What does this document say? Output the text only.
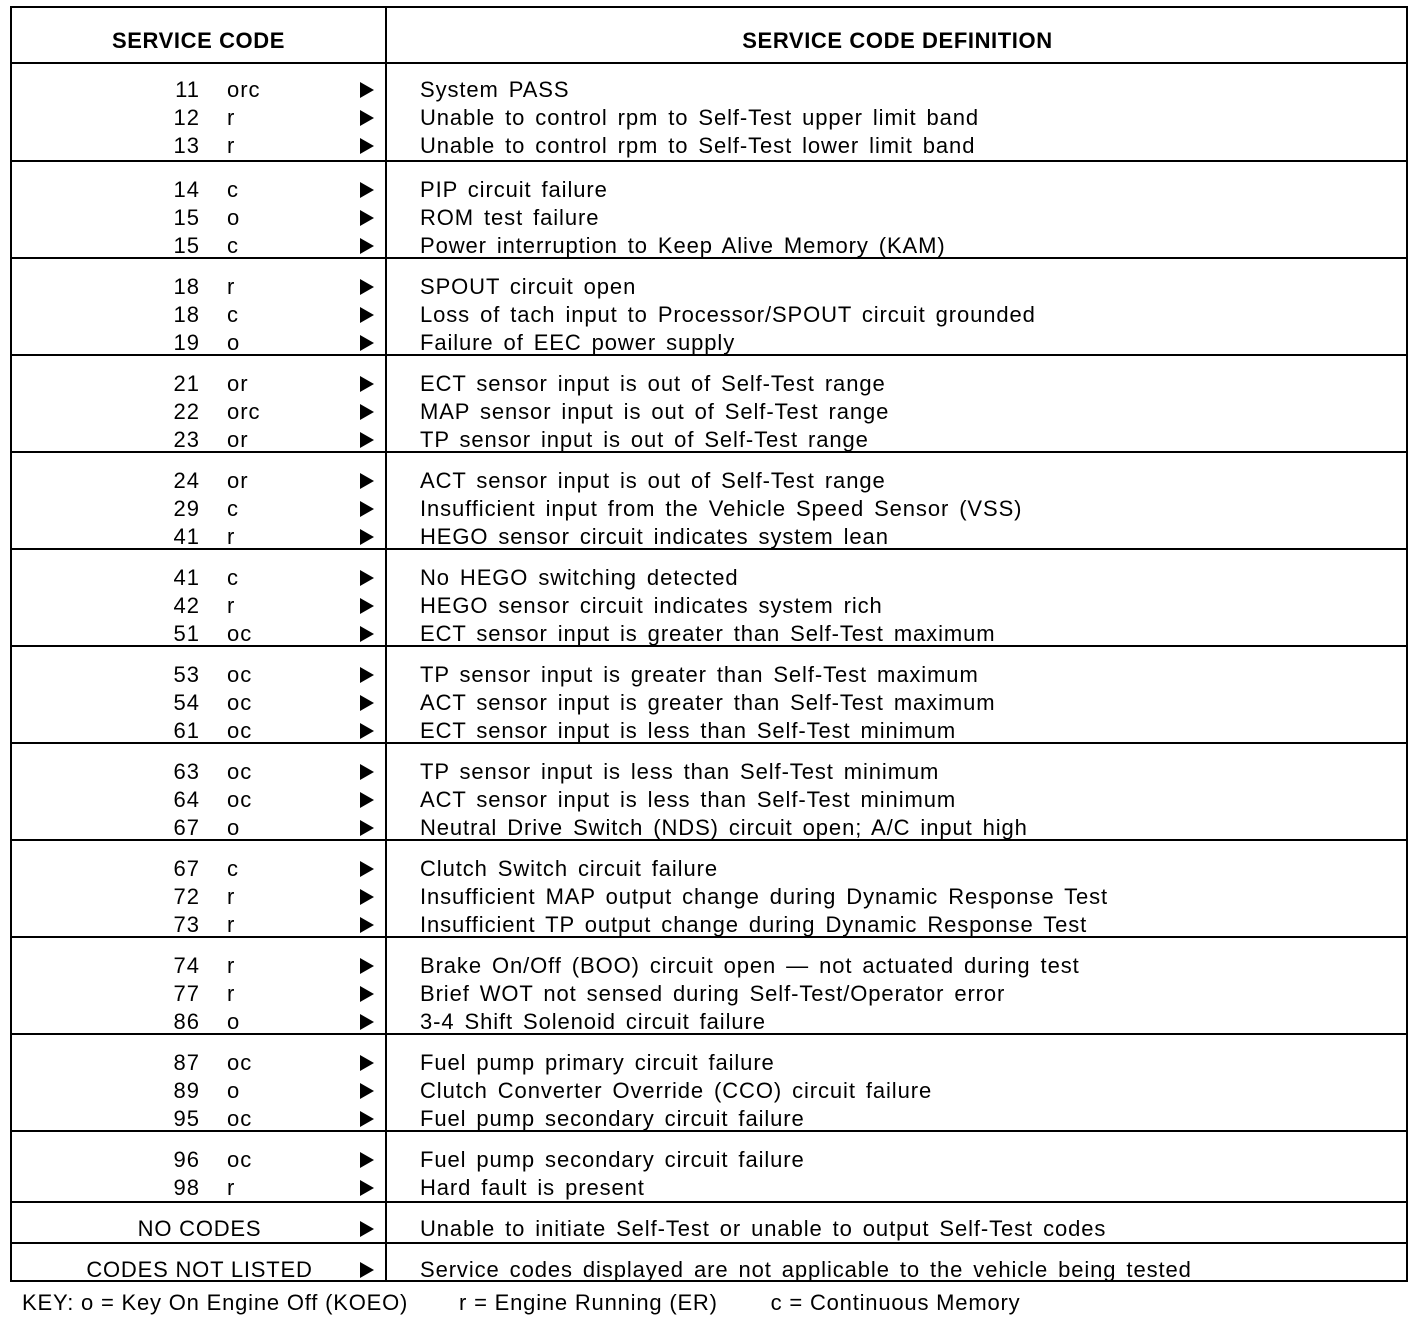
SERVICE CODE	SERVICE CODE DEFINITION
11 orc	System PASS
12 r	Unable to control rpm to Self-Test upper limit band
13 r	Unable to control rpm to Self-Test lower limit band
14 c	PIP circuit failure
15 o	ROM test failure
15 c	Power interruption to Keep Alive Memory (KAM)
18 r	SPOUT circuit open
18 c	Loss of tach input to Processor/SPOUT circuit grounded
19 o	Failure of EEC power supply
21 or	ECT sensor input is out of Self-Test range
22 orc	MAP sensor input is out of Self-Test range
23 or	TP sensor input is out of Self-Test range
24 or	ACT sensor input is out of Self-Test range
29 c	Insufficient input from the Vehicle Speed Sensor (VSS)
41 r	HEGO sensor circuit indicates system lean
41 c	No HEGO switching detected
42 r	HEGO sensor circuit indicates system rich
51 oc	ECT sensor input is greater than Self-Test maximum
53 oc	TP sensor input is greater than Self-Test maximum
54 oc	ACT sensor input is greater than Self-Test maximum
61 oc	ECT sensor input is less than Self-Test minimum
63 oc	TP sensor input is less than Self-Test minimum
64 oc	ACT sensor input is less than Self-Test minimum
67 o	Neutral Drive Switch (NDS) circuit open; A/C input high
67 c	Clutch Switch circuit failure
72 r	Insufficient MAP output change during Dynamic Response Test
73 r	Insufficient TP output change during Dynamic Response Test
74 r	Brake On/Off (BOO) circuit open — not actuated during test
77 r	Brief WOT not sensed during Self-Test/Operator error
86 o	3-4 Shift Solenoid circuit failure
87 oc	Fuel pump primary circuit failure
89 o	Clutch Converter Override (CCO) circuit failure
95 oc	Fuel pump secondary circuit failure
96 oc	Fuel pump secondary circuit failure
98 r	Hard fault is present
NO CODES	Unable to initiate Self-Test or unable to output Self-Test codes
CODES NOT LISTED	Service codes displayed are not applicable to the vehicle being tested
KEY: o = Key On Engine Off (KOEO) r = Engine Running (ER) c = Continuous Memory
